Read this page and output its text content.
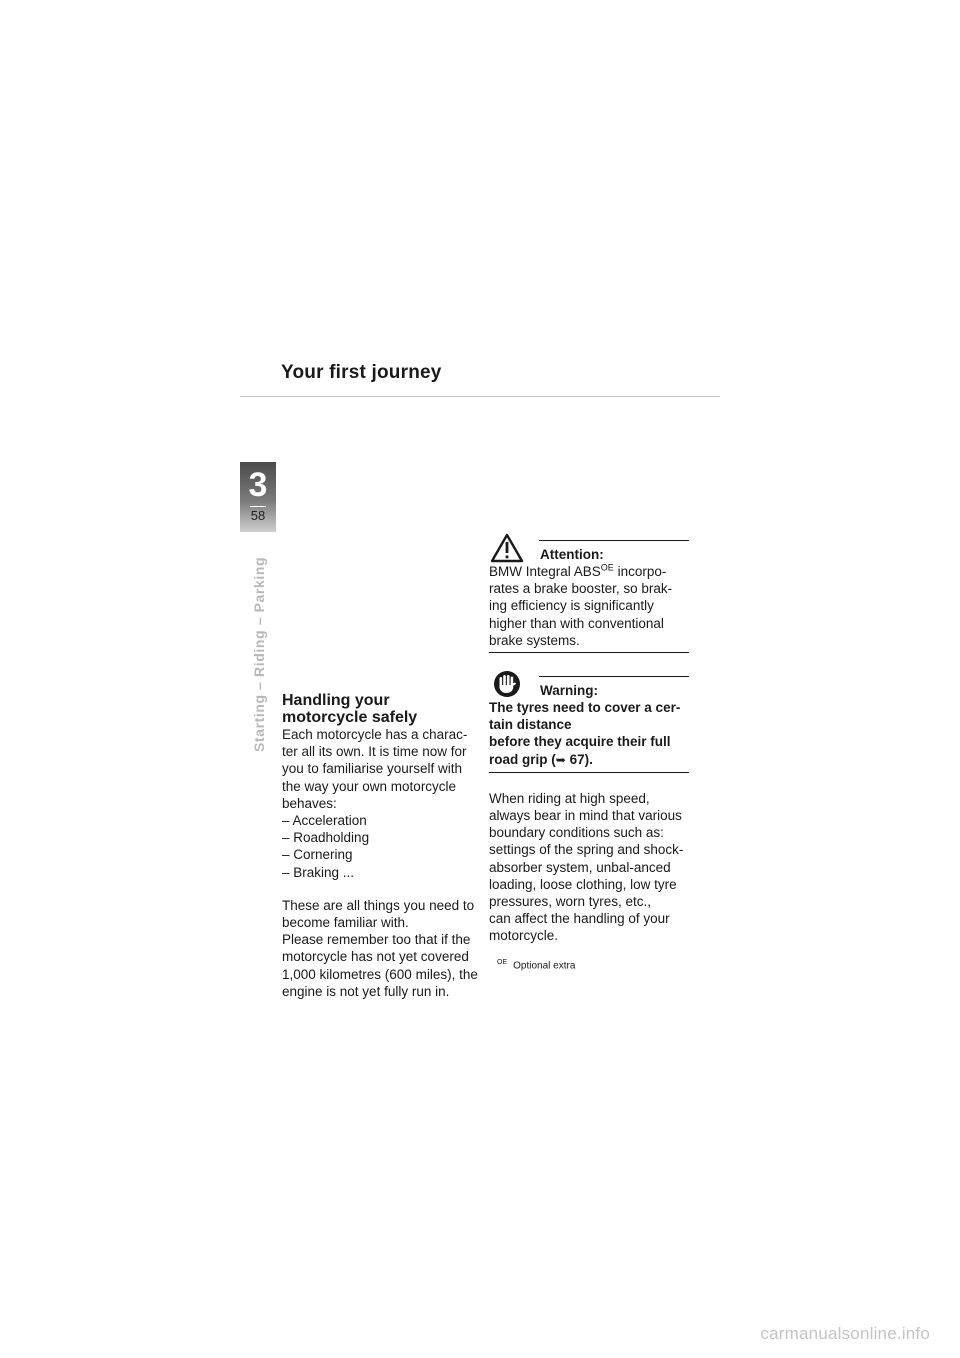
Your first journey
3
58
Starting – Riding – Parking Handling your motorcycle safely

Each motorcycle has a charac-ter all its own. It is time now for you to familiarise yourself with the way your own motorcycle behaves:

– Acceleration
– Roadholding
– Cornering
– Braking ...

These are all things you need to become familiar with.

Please remember too that if the motorcycle has not yet covered 1,000 kilometres (600 miles), the engine is not yet fully run in.

Attention:

BMW Integral $ABS^{OE}$ incorpo-rates a brake booster, so brak-ing efficiency is significantly higher than with conventional brake systems.

Warning:

The tyres need to cover a cer-tain distance
before they acquire their full road grip (➥ 67).

When riding at high speed, always bear in mind that various boundary conditions such as: settings of the spring and shock-absorber system, unbal-anced loading, loose clothing, low tyre pressures, worn tyres, etc.,

can affect the handling of your motorcycle.

$^{OE}$ Optional extra
carmanualsonline.info
